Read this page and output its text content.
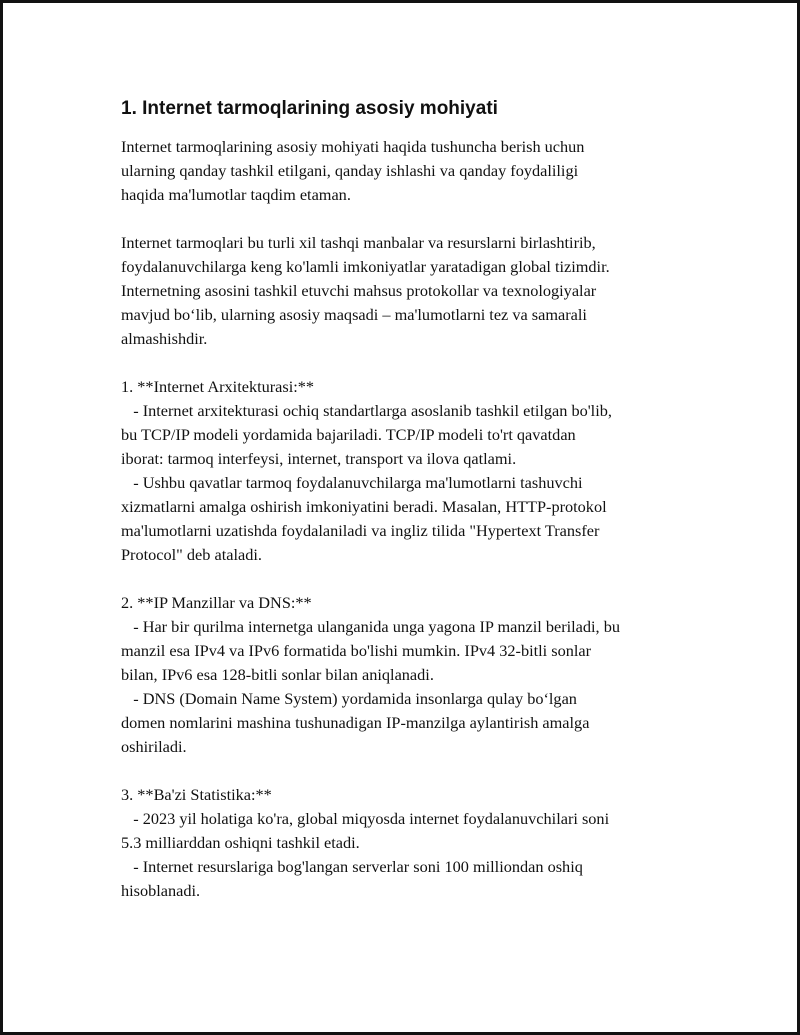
1. Internet tarmoqlarining asosiy mohiyati
Internet tarmoqlarining asosiy mohiyati haqida tushuncha berish uchun
ularning qanday tashkil etilgani, qanday ishlashi va qanday foydaliligi
haqida ma'lumotlar taqdim etaman.
Internet tarmoqlari bu turli xil tashqi manbalar va resurslarni birlashtirib,
foydalanuvchilarga keng ko'lamli imkoniyatlar yaratadigan global tizimdir.
Internetning asosini tashkil etuvchi mahsus protokollar va texnologiyalar
mavjud bo‘lib, ularning asosiy maqsadi – ma'lumotlarni tez va samarali
almashishdir.
1. **Internet Arxitekturasi:**
- Internet arxitekturasi ochiq standartlarga asoslanib tashkil etilgan bo'lib,
bu TCP/IP modeli yordamida bajariladi. TCP/IP modeli to'rt qavatdan
iborat: tarmoq interfeysi, internet, transport va ilova qatlami.
- Ushbu qavatlar tarmoq foydalanuvchilarga ma'lumotlarni tashuvchi
xizmatlarni amalga oshirish imkoniyatini beradi. Masalan, HTTP-protokol
ma'lumotlarni uzatishda foydalaniladi va ingliz tilida "Hypertext Transfer
Protocol" deb ataladi.
2. **IP Manzillar va DNS:**
- Har bir qurilma internetga ulanganida unga yagona IP manzil beriladi, bu
manzil esa IPv4 va IPv6 formatida bo'lishi mumkin. IPv4 32-bitli sonlar
bilan, IPv6 esa 128-bitli sonlar bilan aniqlanadi.
- DNS (Domain Name System) yordamida insonlarga qulay bo‘lgan
domen nomlarini mashina tushunadigan IP-manzilga aylantirish amalga
oshiriladi.
3. **Ba'zi Statistika:**
- 2023 yil holatiga ko'ra, global miqyosda internet foydalanuvchilari soni
5.3 milliarddan oshiqni tashkil etadi.
- Internet resurslariga bog'langan serverlar soni 100 milliondan oshiq
hisoblanadi.
